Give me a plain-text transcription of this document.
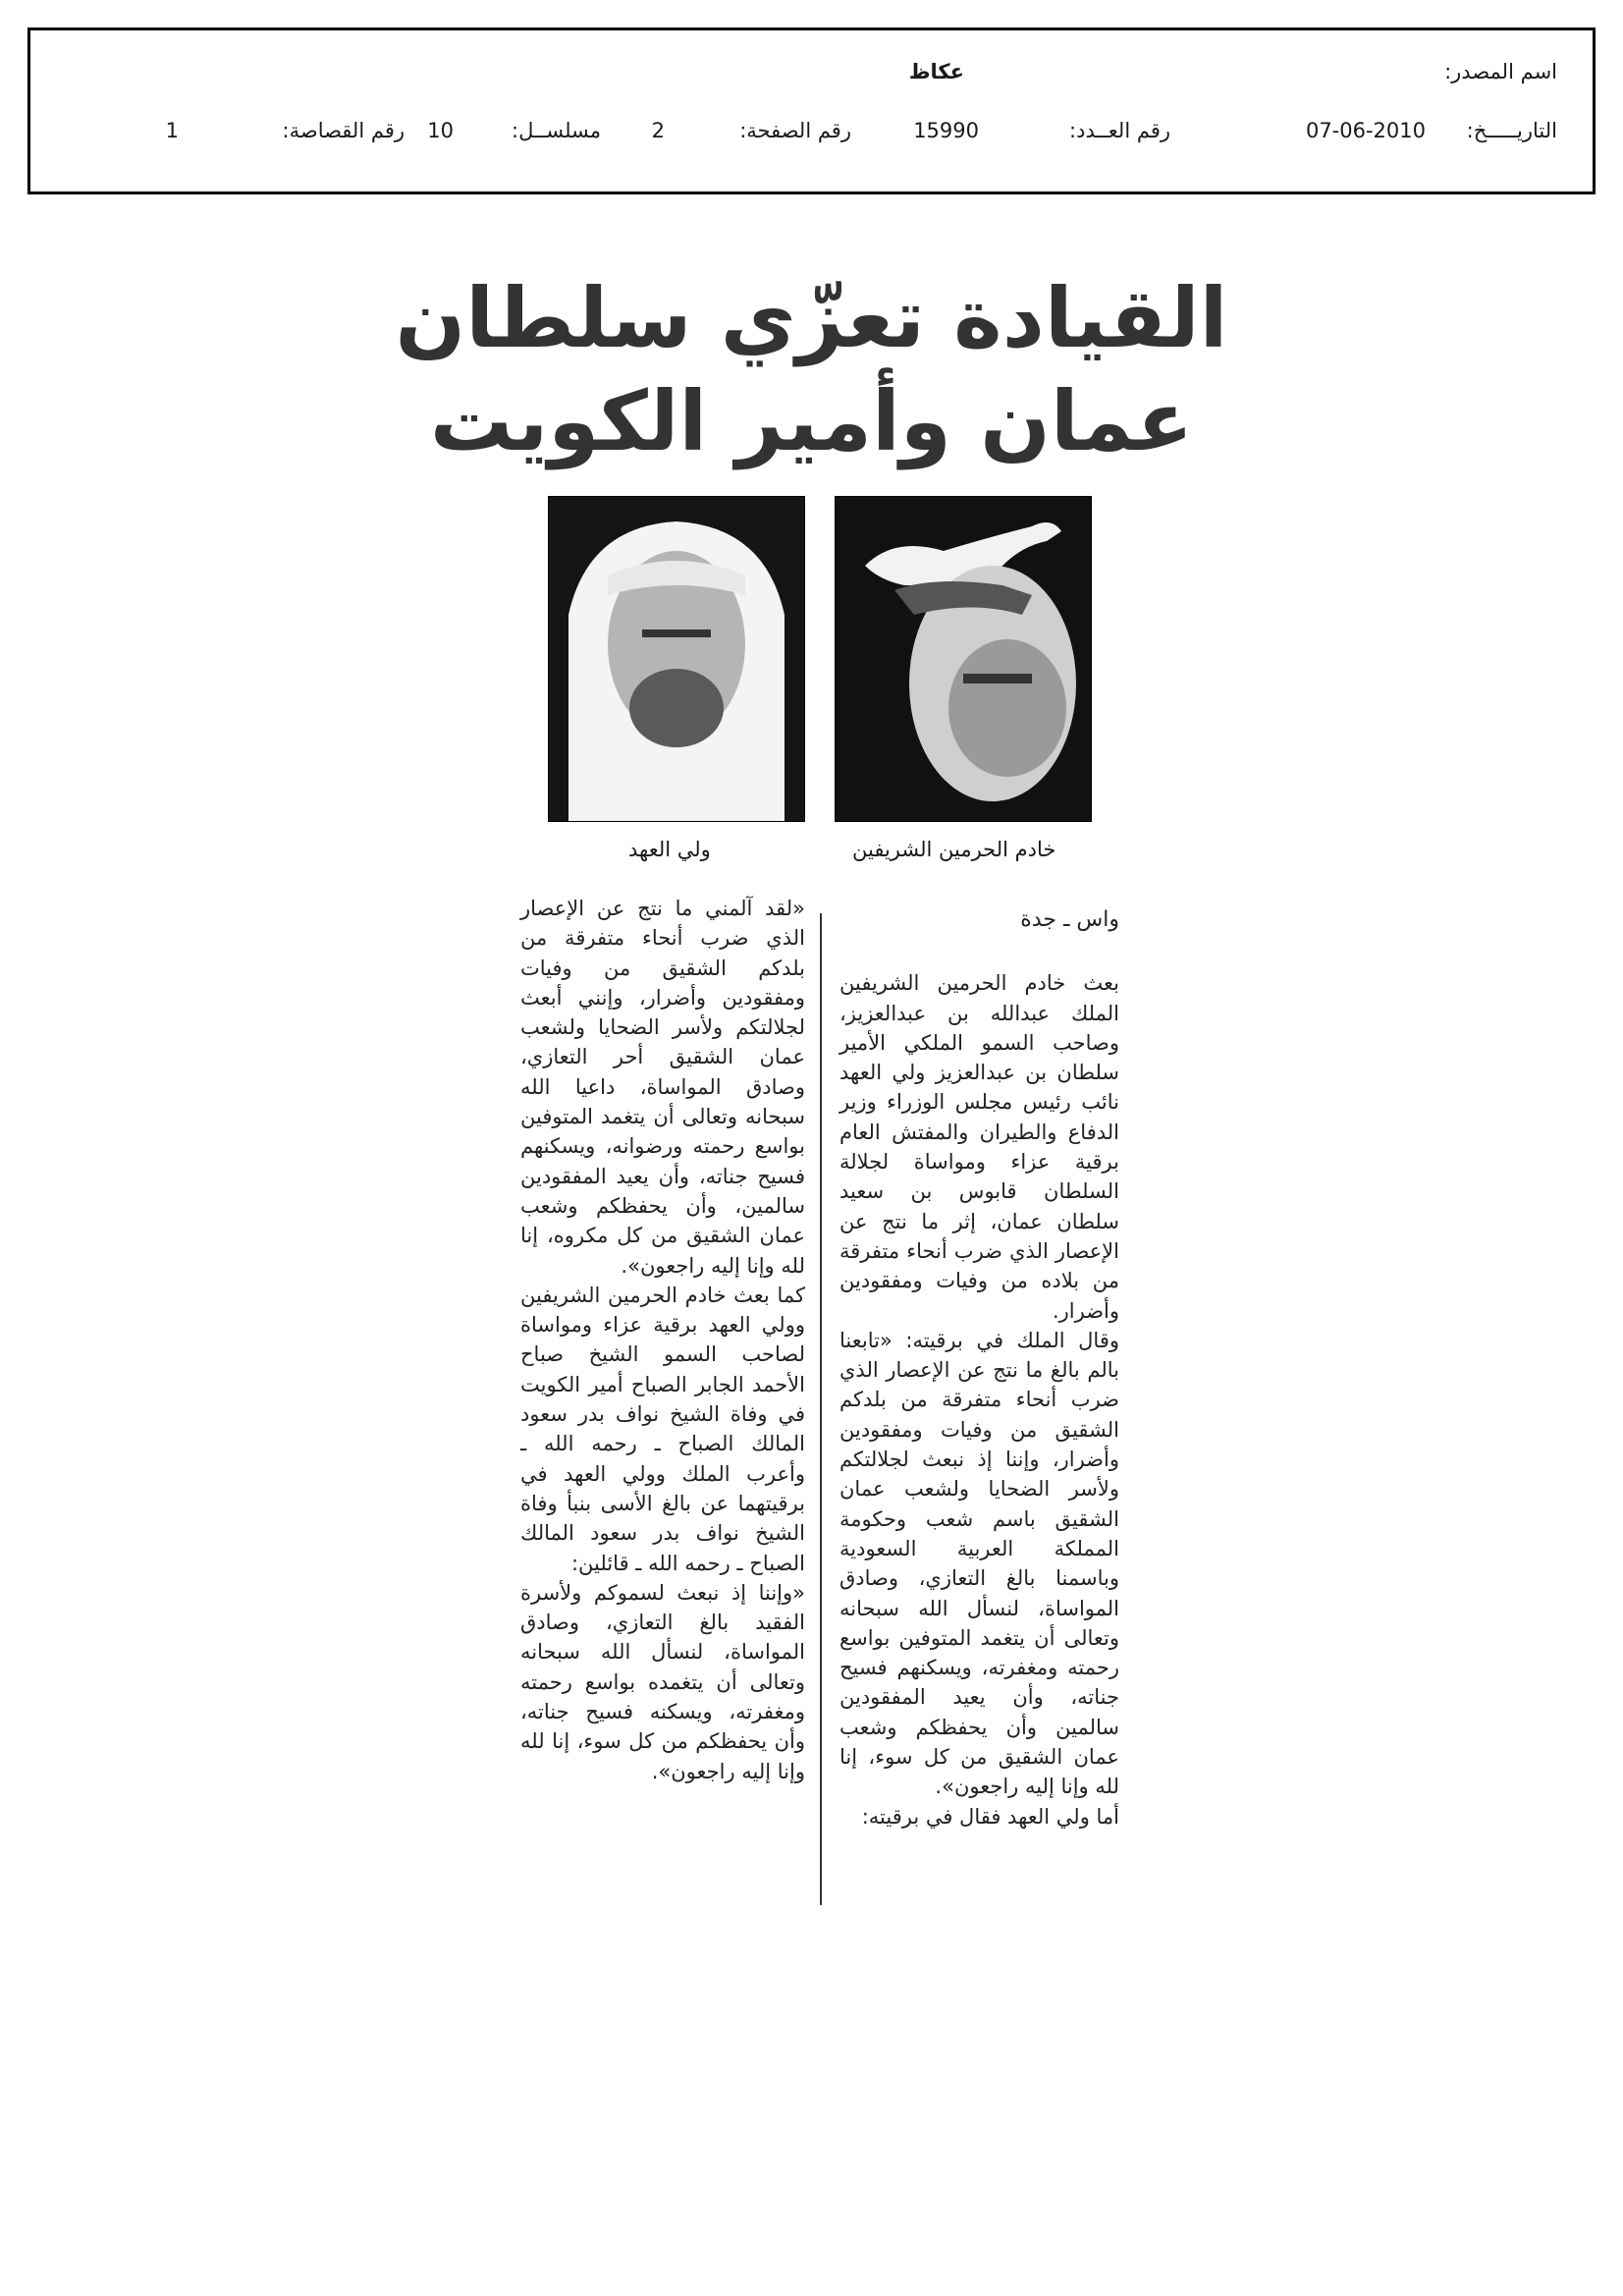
اسم المصدر:
عكاظ
التاريـــــخ:
07-06-2010
رقم العــدد:
15990
رقم الصفحة:
2
مسلســل:
10
رقم القصاصة:
1
القيادة تعزّي سلطان
عمان وأمير الكويت
خادم الحرمين الشريفين
ولي العهد

واس ـ جدة

بعث خادم الحرمين الشريفين الملك عبدالله بن عبدالعزيز، وصاحب السمو الملكي الأمير سلطان بن عبدالعزيز ولي العهد نائب رئيس مجلس الوزراء وزير الدفاع والطيران والمفتش العام برقية عزاء ومواساة لجلالة السلطان قابوس بن سعيد سلطان عمان، إثر ما نتج عن الإعصار الذي ضرب أنحاء متفرقة من بلاده من وفيات ومفقودين وأضرار.

وقال الملك في برقيته: «تابعنا بالم بالغ ما نتج عن الإعصار الذي ضرب أنحاء متفرقة من بلدكم الشقيق من وفيات ومفقودين وأضرار، وإننا إذ نبعث لجلالتكم ولأسر الضحايا ولشعب عمان الشقيق باسم شعب وحكومة المملكة العربية السعودية وباسمنا بالغ التعازي، وصادق المواساة، لنسأل الله سبحانه وتعالى أن يتغمد المتوفين بواسع رحمته ومغفرته، ويسكنهم فسيح جناته، وأن يعيد المفقودين سالمين وأن يحفظكم وشعب عمان الشقيق من كل سوء، إنا لله وإنا إليه راجعون».

أما ولي العهد فقال في برقيته:

«لقد آلمني ما نتج عن الإعصار الذي ضرب أنحاء متفرقة من بلدكم الشقيق من وفيات ومفقودين وأضرار، وإنني أبعث لجلالتكم ولأسر الضحايا ولشعب عمان الشقيق أحر التعازي، وصادق المواساة، داعيا الله سبحانه وتعالى أن يتغمد المتوفين بواسع رحمته ورضوانه، ويسكنهم فسيح جناته، وأن يعيد المفقودين سالمين، وأن يحفظكم وشعب عمان الشقيق من كل مكروه، إنا لله وإنا إليه راجعون».

كما بعث خادم الحرمين الشريفين وولي العهد برقية عزاء ومواساة لصاحب السمو الشيخ صباح الأحمد الجابر الصباح أمير الكويت في وفاة الشيخ نواف بدر سعود المالك الصباح ـ رحمه الله ـ وأعرب الملك وولي العهد في برقيتهما عن بالغ الأسى بنبأ وفاة الشيخ نواف بدر سعود المالك الصباح ـ رحمه الله ـ قائلين:

«وإننا إذ نبعث لسموكم ولأسرة الفقيد بالغ التعازي، وصادق المواساة، لنسأل الله سبحانه وتعالى أن يتغمده بواسع رحمته ومغفرته، ويسكنه فسيح جناته، وأن يحفظكم من كل سوء، إنا لله وإنا إليه راجعون».
